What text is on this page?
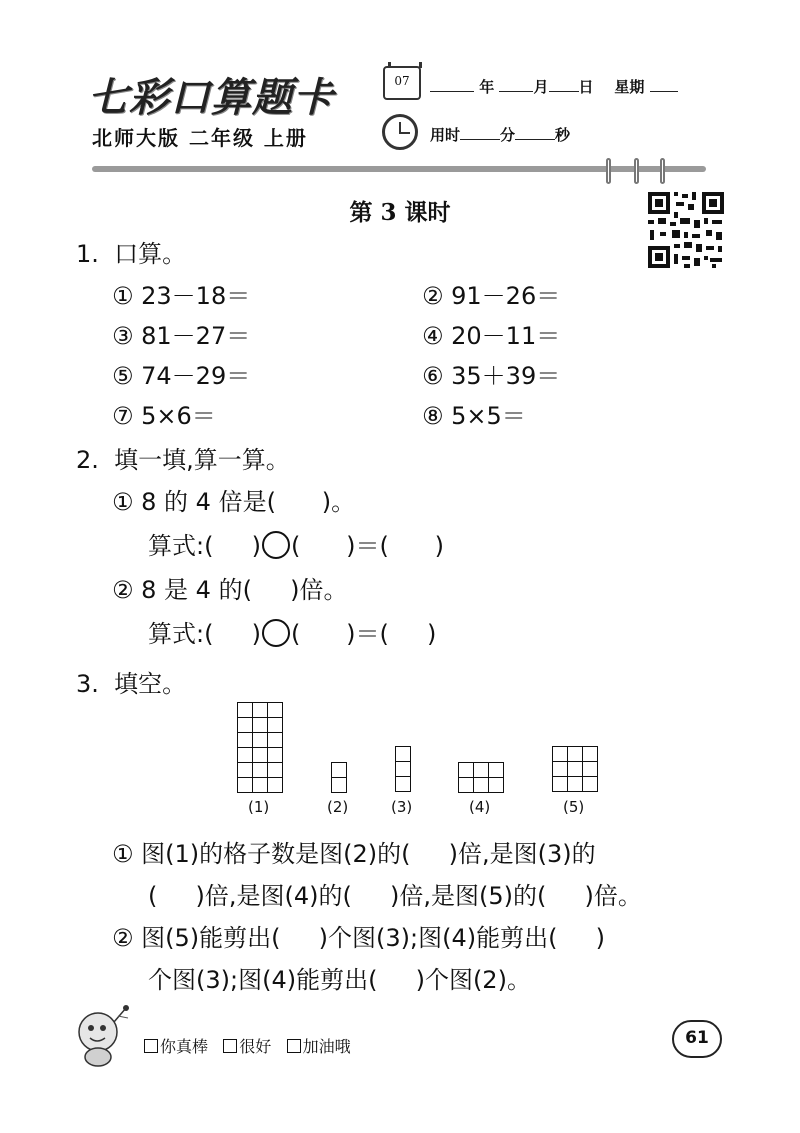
七彩口算题卡
北师大版 二年级 上册
07	年	月 日 星期
用时	分	秒
第 3 课时
1.  口算。
① 23－18＝	② 91－26＝
③ 81－27＝	④ 20－11＝
⑤ 74－29＝	⑥ 35＋39＝
⑦ 5×6＝	⑧ 5×5＝
2.  填一填,算一算。
① 8 的 4 倍是(      )。
算式:(     ) (      )＝(      )
② 8 是 4 的(     )倍。
算式:(     ) (      )＝(     )
3.  填空。
(1)	(2)	(3)	(4)	(5)
① 图(1)的格子数是图(2)的(     )倍,是图(3)的
(     )倍,是图(4)的(     )倍,是图(5)的(     )倍。
② 图(5)能剪出(     )个图(3);图(4)能剪出(     )
个图(3);图(4)能剪出(     )个图(2)。
你真棒 很好 加油哦	61
